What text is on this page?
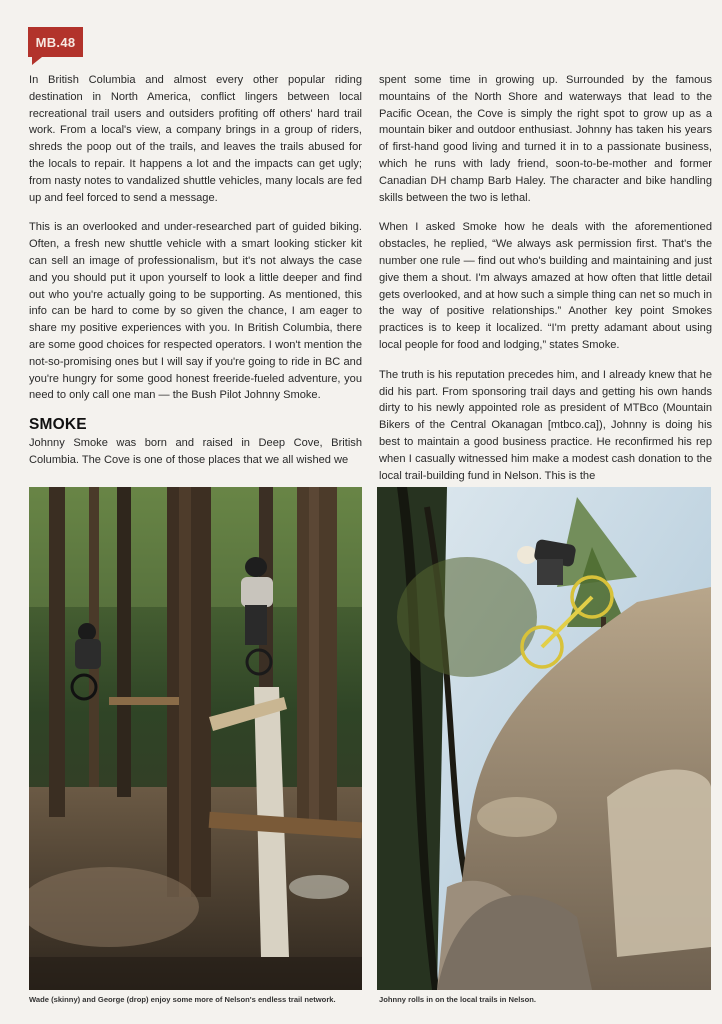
MB.48

In British Columbia and almost every other popular riding destination in North America, conflict lingers between local recreational trail users and outsiders profiting off others' hard trail work. From a local's view, a company brings in a group of riders, shreds the poop out of the trails, and leaves the trails abused for the locals to repair. It happens a lot and the impacts can get ugly; from nasty notes to vandalized shuttle vehicles, many locals are fed up and feel forced to send a message.

This is an overlooked and under-researched part of guided biking. Often, a fresh new shuttle vehicle with a smart looking sticker kit can sell an image of professionalism, but it's not always the case and you should put it upon yourself to look a little deeper and find out who you're actually going to be supporting. As mentioned, this info can be hard to come by so given the chance, I am eager to share my positive experiences with you. In British Columbia, there are some good choices for respected operators. I won't mention the not-so-promising ones but I will say if you're going to ride in BC and you're hungry for some good honest freeride-fueled adventure, you need to only call one man — the Bush Pilot Johnny Smoke.

SMOKE

Johnny Smoke was born and raised in Deep Cove, British Columbia. The Cove is one of those places that we all wished we

spent some time in growing up. Surrounded by the famous mountains of the North Shore and waterways that lead to the Pacific Ocean, the Cove is simply the right spot to grow up as a mountain biker and outdoor enthusiast. Johnny has taken his years of first-hand good living and turned it in to a passionate business, which he runs with lady friend, soon-to-be-mother and former Canadian DH champ Barb Haley. The character and bike handling skills between the two is lethal.

When I asked Smoke how he deals with the aforementioned obstacles, he replied, “We always ask permission first. That's the number one rule — find out who's building and maintaining and just give them a shout. I'm always amazed at how often that little detail gets overlooked, and at how such a simple thing can net so much in the way of positive relationships.” Another key point Smokes practices is to keep it localized. “I'm pretty adamant about using local people for food and lodging,” states Smoke.

The truth is his reputation precedes him, and I already knew that he did his part. From sponsoring trail days and getting his own hands dirty to his newly appointed role as president of MTBco (Mountain Bikers of the Central Okanagan [mtbco.ca]), Johnny is doing his best to maintain a good business practice. He reconfirmed his rep when I casually witnessed him make a modest cash donation to the local trail-building fund in Nelson. This is the

Wade (skinny) and George (drop) enjoy some more of Nelson's endless trail network.	Johnny rolls in on the local trails in Nelson.
